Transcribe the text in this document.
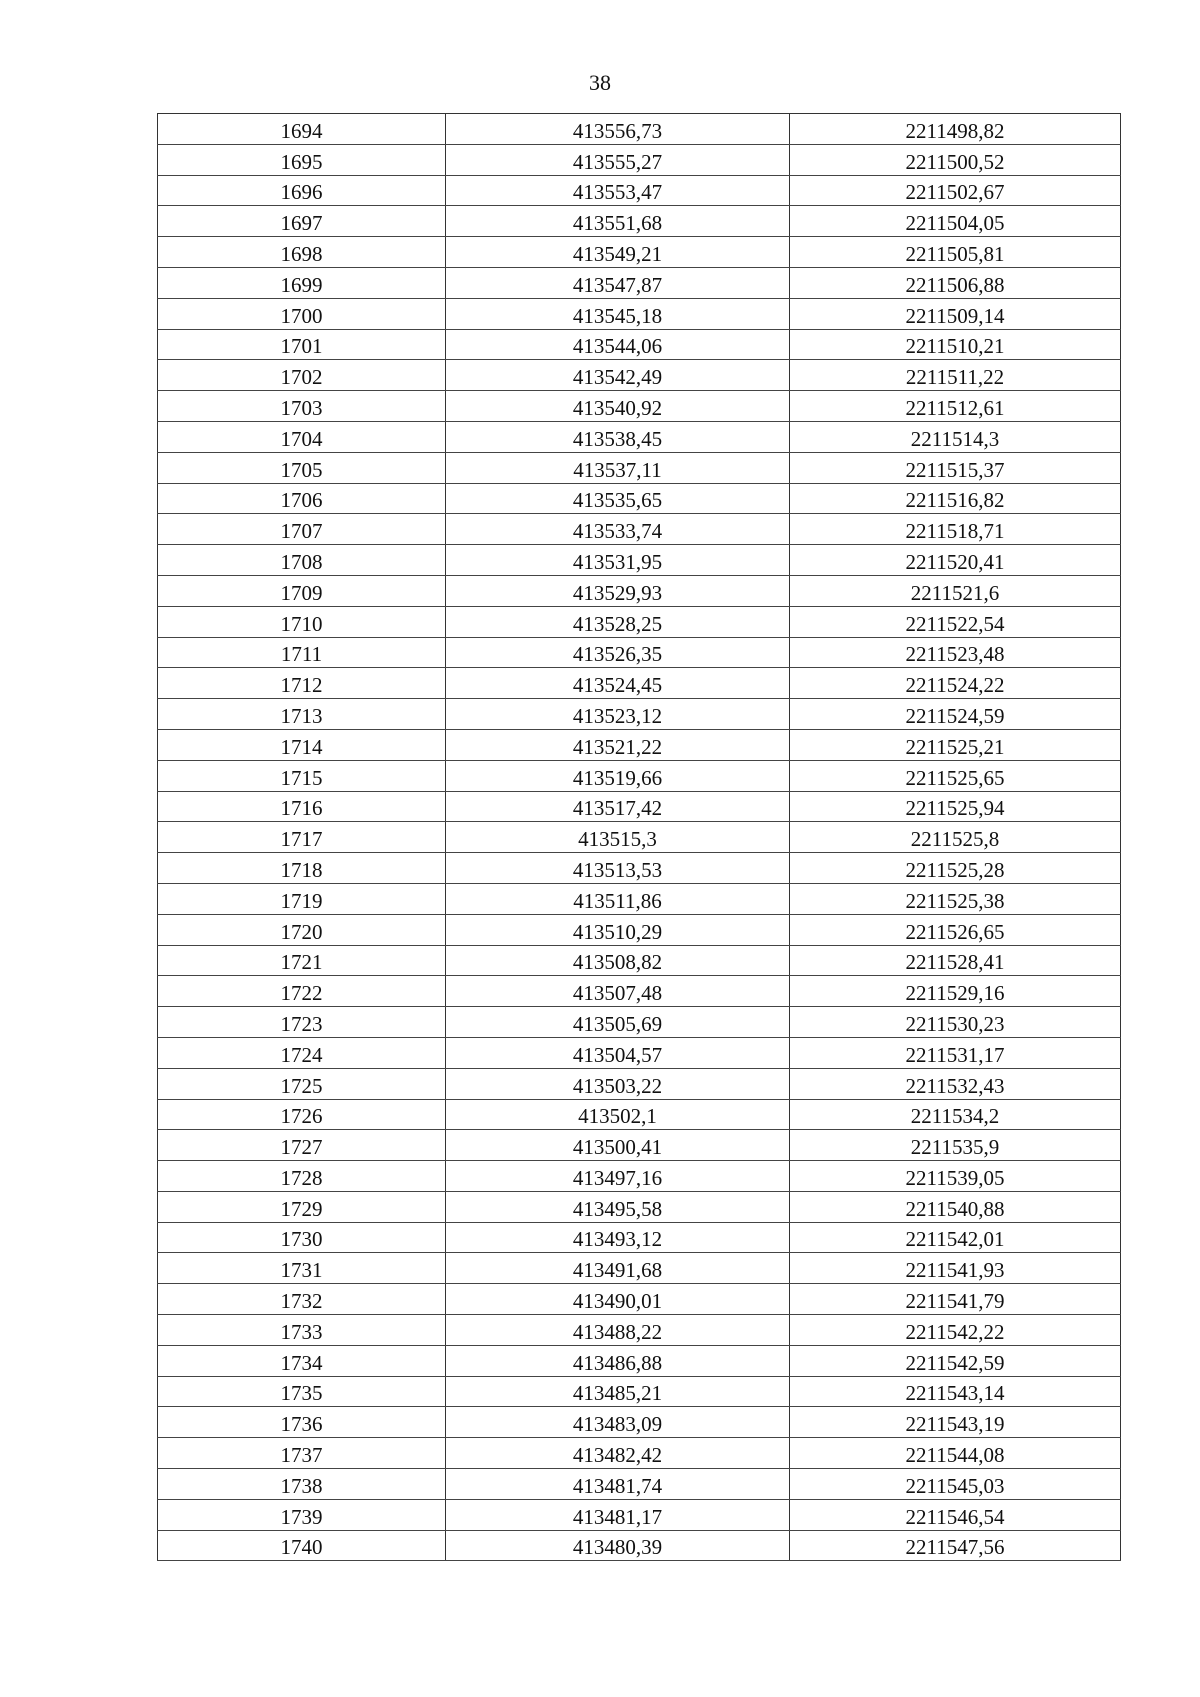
38
1694	413556,73	2211498,82
1695	413555,27	2211500,52
1696	413553,47	2211502,67
1697	413551,68	2211504,05
1698	413549,21	2211505,81
1699	413547,87	2211506,88
1700	413545,18	2211509,14
1701	413544,06	2211510,21
1702	413542,49	2211511,22
1703	413540,92	2211512,61
1704	413538,45	2211514,3
1705	413537,11	2211515,37
1706	413535,65	2211516,82
1707	413533,74	2211518,71
1708	413531,95	2211520,41
1709	413529,93	2211521,6
1710	413528,25	2211522,54
1711	413526,35	2211523,48
1712	413524,45	2211524,22
1713	413523,12	2211524,59
1714	413521,22	2211525,21
1715	413519,66	2211525,65
1716	413517,42	2211525,94
1717	413515,3	2211525,8
1718	413513,53	2211525,28
1719	413511,86	2211525,38
1720	413510,29	2211526,65
1721	413508,82	2211528,41
1722	413507,48	2211529,16
1723	413505,69	2211530,23
1724	413504,57	2211531,17
1725	413503,22	2211532,43
1726	413502,1	2211534,2
1727	413500,41	2211535,9
1728	413497,16	2211539,05
1729	413495,58	2211540,88
1730	413493,12	2211542,01
1731	413491,68	2211541,93
1732	413490,01	2211541,79
1733	413488,22	2211542,22
1734	413486,88	2211542,59
1735	413485,21	2211543,14
1736	413483,09	2211543,19
1737	413482,42	2211544,08
1738	413481,74	2211545,03
1739	413481,17	2211546,54
1740	413480,39	2211547,56
